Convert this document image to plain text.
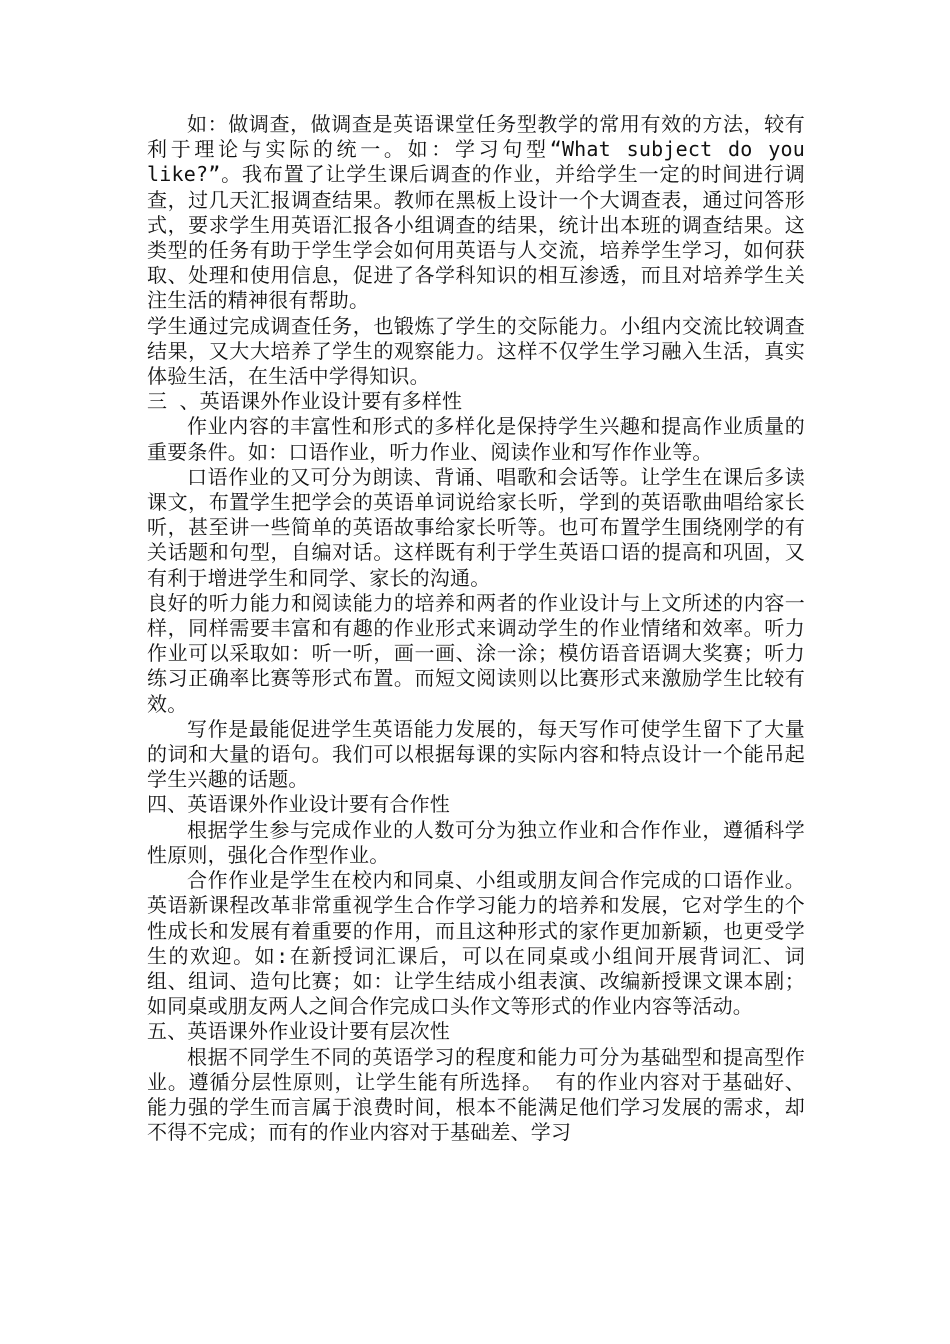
如：做调查，做调查是英语课堂任务型教学的常用有效的方法，较有利于理论与实际的统一。如：学习句型“What subject do you like?”。我布置了让学生课后调查的作业，并给学生一定的时间进行调查，过几天汇报调查结果。教师在黑板上设计一个大调查表，通过问答形式，要求学生用英语汇报各小组调查的结果，统计出本班的调查结果。这类型的任务有助于学生学会如何用英语与人交流，培养学生学习，如何获取、处理和使用信息，促进了各学科知识的相互渗透，而且对培养学生关注生活的精神很有帮助。

学生通过完成调查任务，也锻炼了学生的交际能力。小组内交流比较调查结果，又大大培养了学生的观察能力。这样不仅学生学习融入生活，真实体验生活，在生活中学得知识。

三 、英语课外作业设计要有多样性

作业内容的丰富性和形式的多样化是保持学生兴趣和提高作业质量的重要条件。如：口语作业，听力作业、阅读作业和写作作业等。

口语作业的又可分为朗读、背诵、唱歌和会话等。让学生在课后多读课文，布置学生把学会的英语单词说给家长听，学到的英语歌曲唱给家长听，甚至讲一些简单的英语故事给家长听等。也可布置学生围绕刚学的有关话题和句型，自编对话。这样既有利于学生英语口语的提高和巩固，又有利于增进学生和同学、家长的沟通。

良好的听力能力和阅读能力的培养和两者的作业设计与上文所述的内容一样，同样需要丰富和有趣的作业形式来调动学生的作业情绪和效率。听力作业可以采取如：听一听，画一画、涂一涂；模仿语音语调大奖赛；听力练习正确率比赛等形式布置。而短文阅读则以比赛形式来激励学生比较有效。

写作是最能促进学生英语能力发展的，每天写作可使学生留下了大量的词和大量的语句。我们可以根据每课的实际内容和特点设计一个能吊起学生兴趣的话题。

四、英语课外作业设计要有合作性

根据学生参与完成作业的人数可分为独立作业和合作作业，遵循科学性原则，强化合作型作业。

合作作业是学生在校内和同桌、小组或朋友间合作完成的口语作业。英语新课程改革非常重视学生合作学习能力的培养和发展，它对学生的个性成长和发展有着重要的作用，而且这种形式的家作更加新颖，也更受学生的欢迎。如:在新授词汇课后，可以在同桌或小组间开展背词汇、词组、组词、造句比赛；如：让学生结成小组表演、改编新授课文课本剧；如同桌或朋友两人之间合作完成口头作文等形式的作业内容等活动。

五、英语课外作业设计要有层次性

根据不同学生不同的英语学习的程度和能力可分为基础型和提高型作业。遵循分层性原则，让学生能有所选择。 有的作业内容对于基础好、能力强的学生而言属于浪费时间，根本不能满足他们学习发展的需求，却不得不完成；而有的作业内容对于基础差、学习
